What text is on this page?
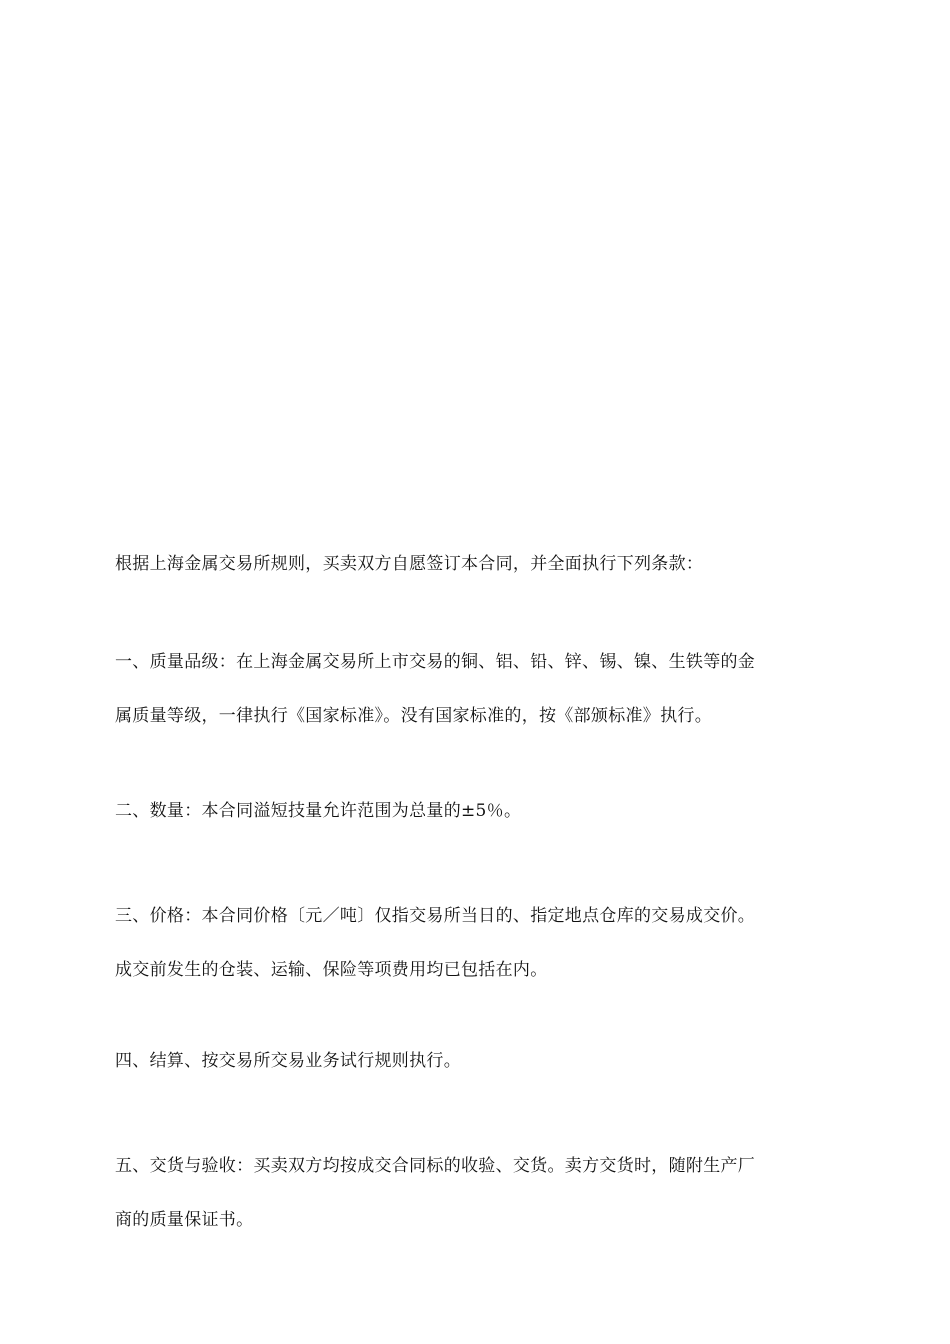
根据上海金属交易所规则，买卖双方自愿签订本合同，并全面执行下列条款：

一、质量品级：在上海金属交易所上市交易的铜、铝、铅、锌、锡、镍、生铁等的金
属质量等级，一律执行《国家标准》。没有国家标准的，按《部颁标准》执行。

二、数量：本合同溢短技量允许范围为总量的±5％。

三、价格：本合同价格〔元／吨〕仅指交易所当日的、指定地点仓库的交易成交价。
成交前发生的仓装、运输、保险等项费用均已包括在内。

四、结算、按交易所交易业务试行规则执行。

五、交货与验收：买卖双方均按成交合同标的收验、交货。卖方交货时，随附生产厂
商的质量保证书。
